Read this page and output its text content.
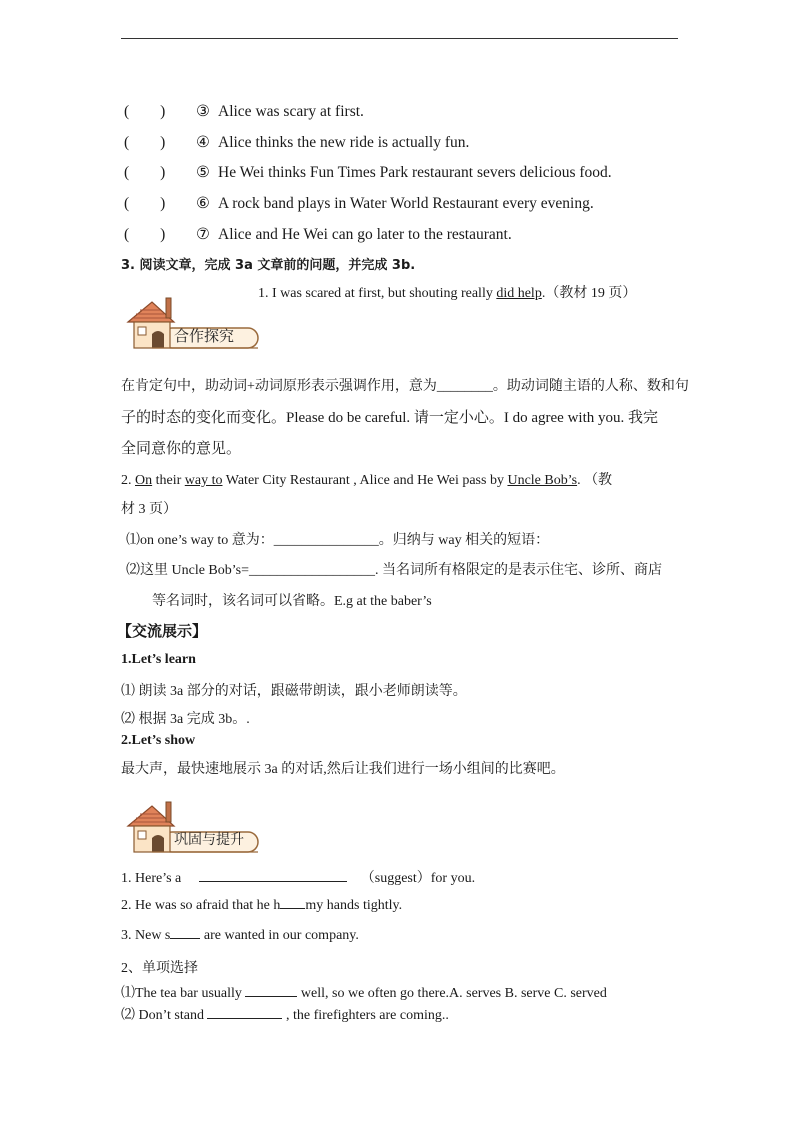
(　　) ③ Alice was scary at first.
(　　) ④ Alice thinks the new ride is actually fun.
(　　) ⑤ He Wei thinks Fun Times Park restaurant severs delicious food.
(　　) ⑥ A rock band plays in Water World Restaurant every evening.
(　　) ⑦ Alice and He Wei can go later to the restaurant.
3. 阅读文章，完成 3a 文章前的问题，并完成 3b.
1. I was scared at first, but shouting really did help.（教材 19 页）
合作探究
在肯定句中，助动词+动词原形表示强调作用，意为________。助动词随主语的人称、数和句
子的时态的变化而变化。Please do be careful. 请一定小心。I do agree with you. 我完
全同意你的意见。
2. On their way to Water City Restaurant , Alice and He Wei pass by Uncle Bob’s. （教
材 3 页）
⑴on one’s way to 意为：_______________。归纳与 way 相关的短语：
⑵这里 Uncle Bob’s=__________________. 当名词所有格限定的是表示住宅、诊所、商店
等名词时，该名词可以省略。E.g at the baber’s
【交流展示】
1.Let’s learn
⑴ 朗读 3a 部分的对话，跟磁带朗读，跟小老师朗读等。
⑵ 根据 3a 完成 3b。.
2.Let’s show
最大声，最快速地展示 3a 的对话,然后让我们进行一场小组间的比赛吧。
巩固与提升
1. Here’s a	（suggest）for you.
2. He was so afraid that he h my hands tightly.
3. New s are wanted in our company.
2、单项选择
⑴The tea bar usually	well, so we often go there.A. serves B. serve C. served
⑵ Don’t stand	, the firefighters are coming..
